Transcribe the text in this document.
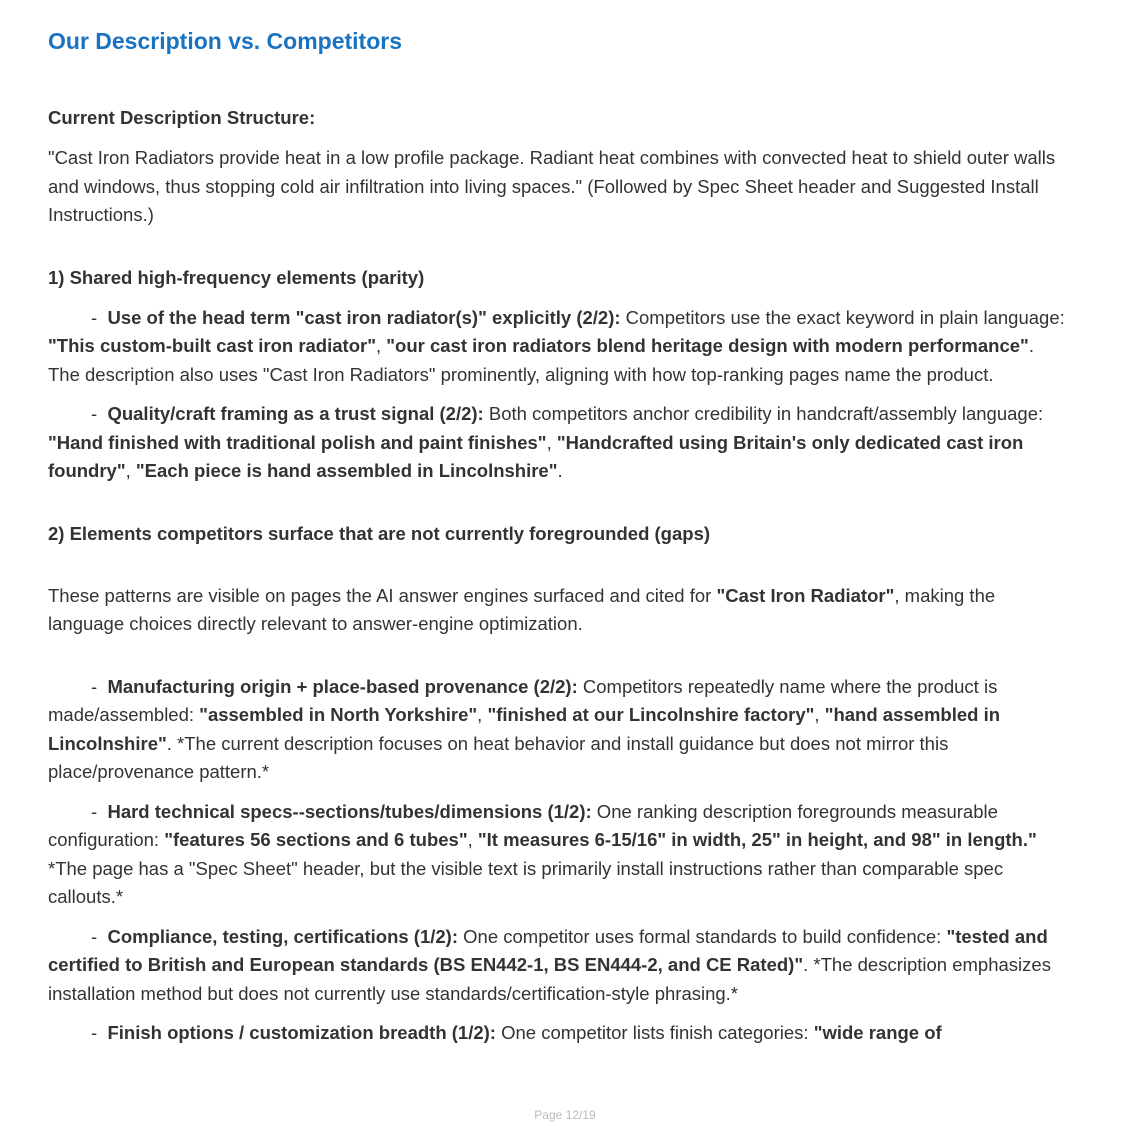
Our Description vs. Competitors

Current Description Structure:

"Cast Iron Radiators provide heat in a low profile package. Radiant heat combines with convected heat to shield outer walls and windows, thus stopping cold air infiltration into living spaces." (Followed by Spec Sheet header and Suggested Install Instructions.)

1) Shared high-frequency elements (parity)

-  Use of the head term "cast iron radiator(s)" explicitly (2/2): Competitors use the exact keyword in plain language: "This custom-built cast iron radiator", "our cast iron radiators blend heritage design with modern performance". The description also uses "Cast Iron Radiators" prominently, aligning with how top-ranking pages name the product.

-  Quality/craft framing as a trust signal (2/2): Both competitors anchor credibility in handcraft/assembly language: "Hand finished with traditional polish and paint finishes", "Handcrafted using Britain's only dedicated cast iron foundry", "Each piece is hand assembled in Lincolnshire".

2) Elements competitors surface that are not currently foregrounded (gaps)

These patterns are visible on pages the AI answer engines surfaced and cited for "Cast Iron Radiator", making the language choices directly relevant to answer-engine optimization.

-  Manufacturing origin + place-based provenance (2/2): Competitors repeatedly name where the product is made/assembled: "assembled in North Yorkshire", "finished at our Lincolnshire factory", "hand assembled in Lincolnshire". *The current description focuses on heat behavior and install guidance but does not mirror this place/provenance pattern.*

-  Hard technical specs--sections/tubes/dimensions (1/2): One ranking description foregrounds measurable configuration: "features 56 sections and 6 tubes", "It measures 6-15/16" in width, 25" in height, and 98" in length." *The page has a "Spec Sheet" header, but the visible text is primarily install instructions rather than comparable spec callouts.*

-  Compliance, testing, certifications (1/2): One competitor uses formal standards to build confidence: "tested and certified to British and European standards (BS EN442-1, BS EN444-2, and CE Rated)". *The description emphasizes installation method but does not currently use standards/certification-style phrasing.*

-  Finish options / customization breadth (1/2): One competitor lists finish categories: "wide range of

Page 12/19
